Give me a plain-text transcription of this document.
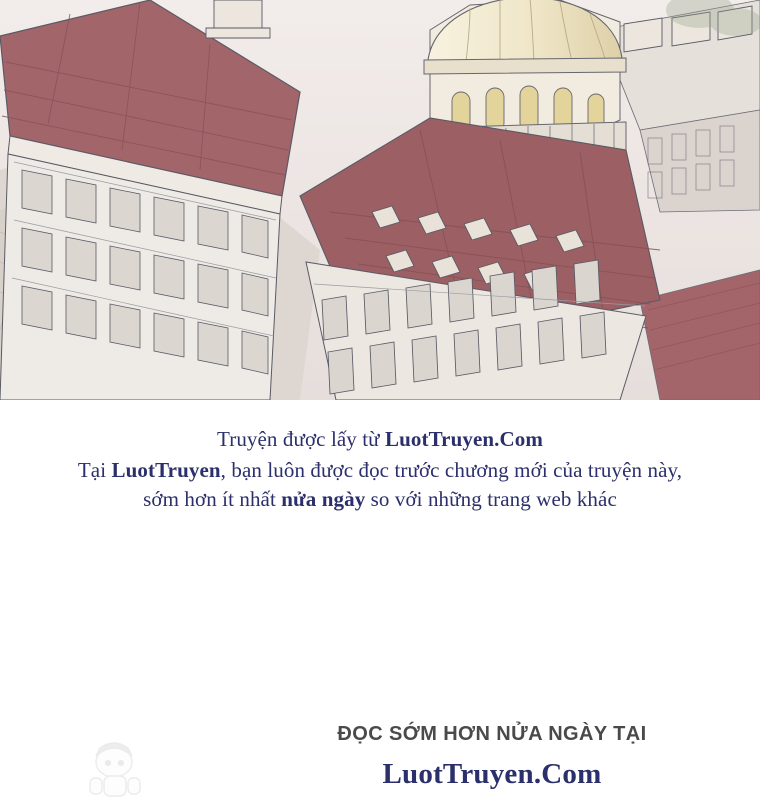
Truyện được lấy từ LuotTruyen.Com
Tại LuotTruyen, bạn luôn được đọc trước chương mới của truyện này,
sớm hơn ít nhất nửa ngày so với những trang web khác
ĐỌC SỚM HƠN NỬA NGÀY TẠI
LuotTruyen.Com
